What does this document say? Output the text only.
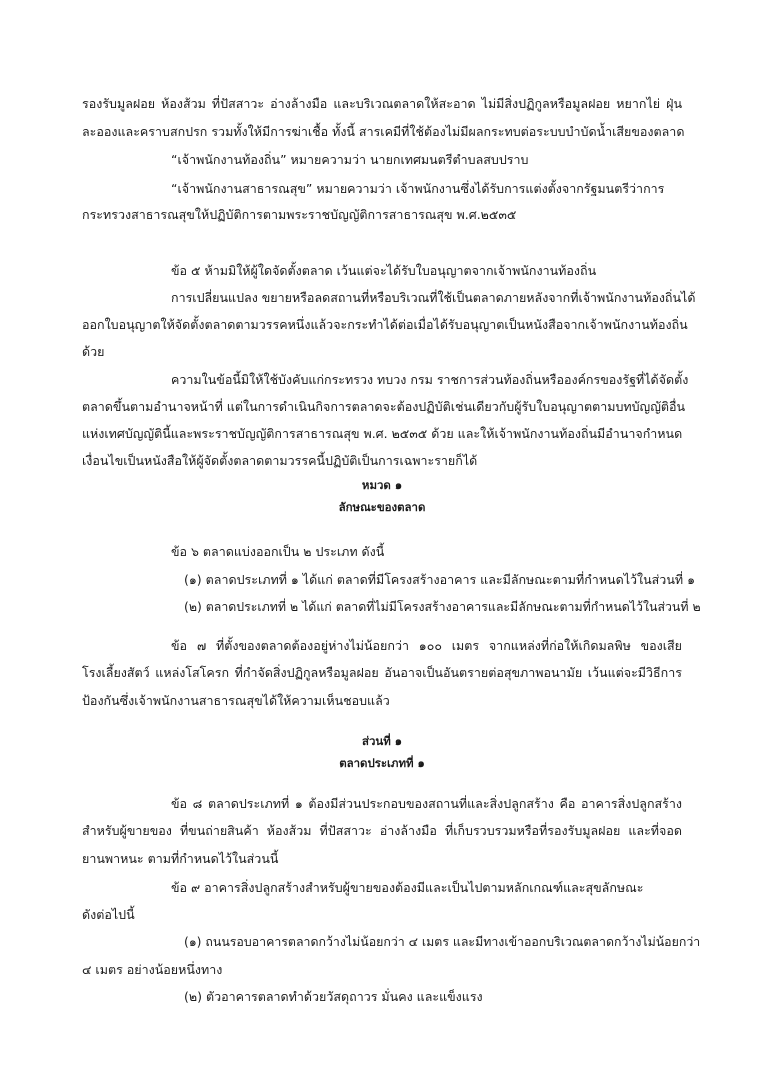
รองรับมูลฝอย ห้องส้วม ที่ปัสสาวะ อ่างล้างมือ และบริเวณตลาดให้สะอาด ไม่มีสิ่งปฏิกูลหรือมูลฝอย หยากไย่ ฝุ่น
ละอองและคราบสกปรก รวมทั้งให้มีการฆ่าเชื้อ ทั้งนี้ สารเคมีที่ใช้ต้องไม่มีผลกระทบต่อระบบบำบัดน้ำเสียของตลาด
“เจ้าพนักงานท้องถิ่น” หมายความว่า นายกเทศมนตรีตำบลสบปราบ
“เจ้าพนักงานสาธารณสุข” หมายความว่า เจ้าพนักงานซึ่งได้รับการแต่งตั้งจากรัฐมนตรีว่าการ
กระทรวงสาธารณสุขให้ปฏิบัติการตามพระราชบัญญัติการสาธารณสุข พ.ศ.๒๕๓๕
ข้อ ๕ ห้ามมิให้ผู้ใดจัดตั้งตลาด เว้นแต่จะได้รับใบอนุญาตจากเจ้าพนักงานท้องถิ่น
การเปลี่ยนแปลง ขยายหรือลดสถานที่หรือบริเวณที่ใช้เป็นตลาดภายหลังจากที่เจ้าพนักงานท้องถิ่นได้
ออกใบอนุญาตให้จัดตั้งตลาดตามวรรคหนึ่งแล้วจะกระทำได้ต่อเมื่อได้รับอนุญาตเป็นหนังสือจากเจ้าพนักงานท้องถิ่น
ด้วย
ความในข้อนี้มิให้ใช้บังคับแก่กระทรวง ทบวง กรม ราชการส่วนท้องถิ่นหรือองค์กรของรัฐที่ได้จัดตั้ง
ตลาดขึ้นตามอำนาจหน้าที่ แต่ในการดำเนินกิจการตลาดจะต้องปฏิบัติเช่นเดียวกับผู้รับใบอนุญาตตามบทบัญญัติอื่น
แห่งเทศบัญญัตินี้และพระราชบัญญัติการสาธารณสุข พ.ศ. ๒๕๓๕ ด้วย และให้เจ้าพนักงานท้องถิ่นมีอำนาจกำหนด
เงื่อนไขเป็นหนังสือให้ผู้จัดตั้งตลาดตามวรรคนี้ปฏิบัติเป็นการเฉพาะรายก็ได้
หมวด ๑
ลักษณะของตลาด
ข้อ ๖ ตลาดแบ่งออกเป็น ๒ ประเภท ดังนี้
(๑) ตลาดประเภทที่ ๑ ได้แก่ ตลาดที่มีโครงสร้างอาคาร และมีลักษณะตามที่กำหนดไว้ในส่วนที่ ๑
(๒) ตลาดประเภทที่ ๒ ได้แก่ ตลาดที่ไม่มีโครงสร้างอาคารและมีลักษณะตามที่กำหนดไว้ในส่วนที่ ๒
ข้อ ๗ ที่ตั้งของตลาดต้องอยู่ห่างไม่น้อยกว่า ๑๐๐ เมตร จากแหล่งที่ก่อให้เกิดมลพิษ ของเสีย
โรงเลี้ยงสัตว์ แหล่งโสโครก ที่กำจัดสิ่งปฏิกูลหรือมูลฝอย อันอาจเป็นอันตรายต่อสุขภาพอนามัย เว้นแต่จะมีวิธีการ
ป้องกันซึ่งเจ้าพนักงานสาธารณสุขได้ให้ความเห็นชอบแล้ว
ส่วนที่ ๑
ตลาดประเภทที่ ๑
ข้อ ๘ ตลาดประเภทที่ ๑ ต้องมีส่วนประกอบของสถานที่และสิ่งปลูกสร้าง คือ อาคารสิ่งปลูกสร้าง
สำหรับผู้ขายของ ที่ขนถ่ายสินค้า ห้องส้วม ที่ปัสสาวะ อ่างล้างมือ ที่เก็บรวบรวมหรือที่รองรับมูลฝอย และที่จอด
ยานพาหนะ ตามที่กำหนดไว้ในส่วนนี้
ข้อ ๙ อาคารสิ่งปลูกสร้างสำหรับผู้ขายของต้องมีและเป็นไปตามหลักเกณฑ์และสุขลักษณะ
ดังต่อไปนี้
(๑) ถนนรอบอาคารตลาดกว้างไม่น้อยกว่า ๔ เมตร และมีทางเข้าออกบริเวณตลาดกว้างไม่น้อยกว่า
๔ เมตร อย่างน้อยหนึ่งทาง
(๒) ตัวอาคารตลาดทำด้วยวัสดุถาวร มั่นคง และแข็งแรง
